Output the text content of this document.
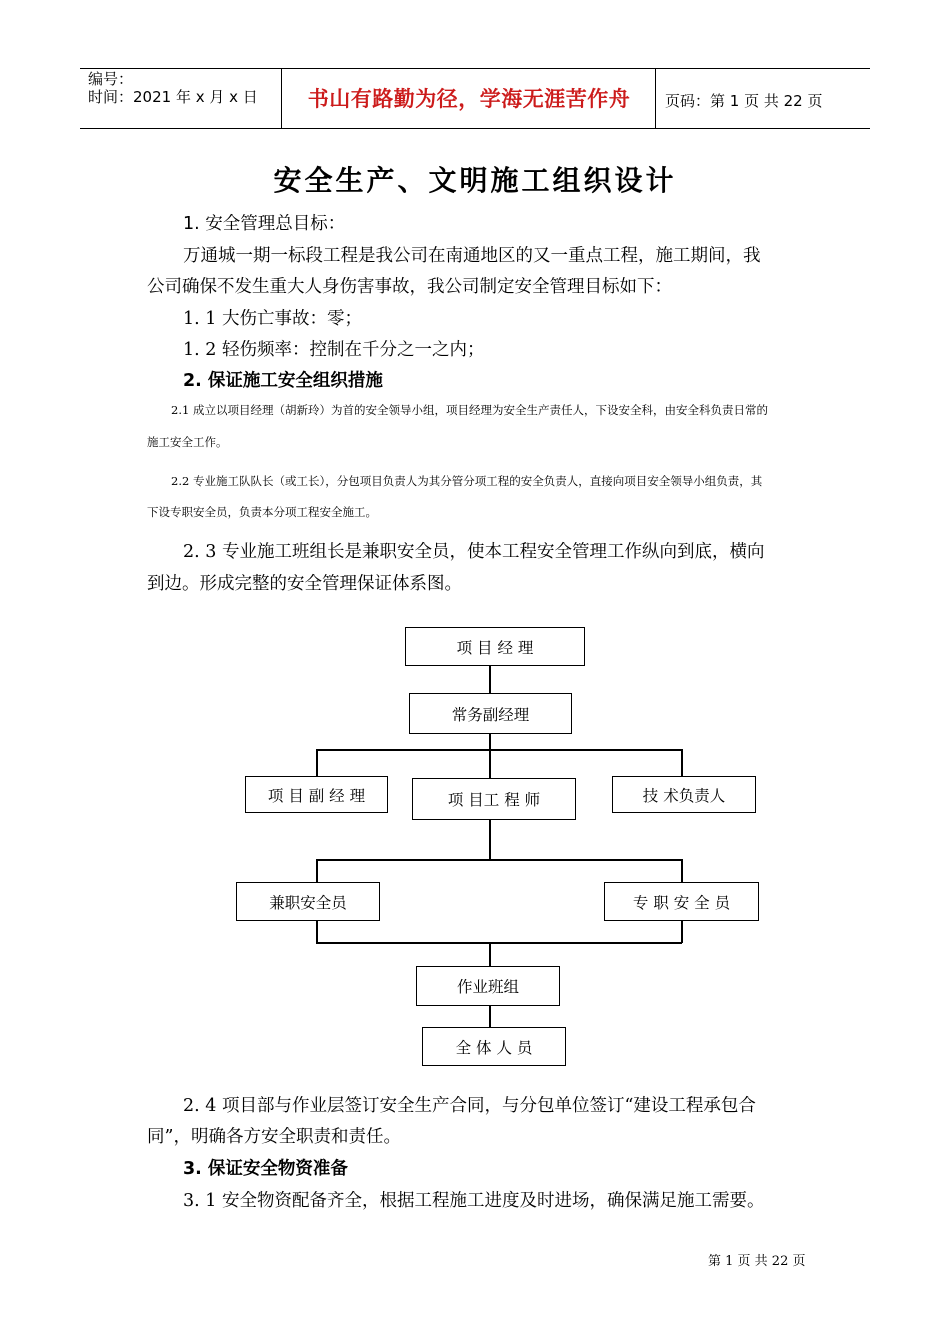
编号：
时间：2021 年 x 月 x 日	书山有路勤为径，学海无涯苦作舟	页码：第 1 页 共 22 页
安全生产、文明施工组织设计
1. 安全管理总目标：
万通城一期一标段工程是我公司在南通地区的又一重点工程，施工期间，我
公司确保不发生重大人身伤害事故，我公司制定安全管理目标如下：
1. 1 大伤亡事故：零；
1. 2 轻伤频率：控制在千分之一之内；
2. 保证施工安全组织措施
2.1 成立以项目经理（胡新玲）为首的安全领导小组，项目经理为安全生产责任人，下设安全科，由安全科负责日常的
施工安全工作。
2.2 专业施工队队长（或工长），分包项目负责人为其分管分项工程的安全负责人，直接向项目安全领导小组负责，其
下设专职安全员，负责本分项工程安全施工。
2. 3 专业施工班组长是兼职安全员，使本工程安全管理工作纵向到底，横向
到边。形成完整的安全管理保证体系图。
项 目 经 理
常务副经理
项 目 副 经 理	项 目工 程 师	技 术负责人
兼职安全员	专 职 安 全 员
作业班组
全 体 人 员
2. 4 项目部与作业层签订安全生产合同，与分包单位签订“建设工程承包合
同”，明确各方安全职责和责任。
3. 保证安全物资准备
3. 1 安全物资配备齐全，根据工程施工进度及时进场，确保满足施工需要。
第 1 页 共 22 页
